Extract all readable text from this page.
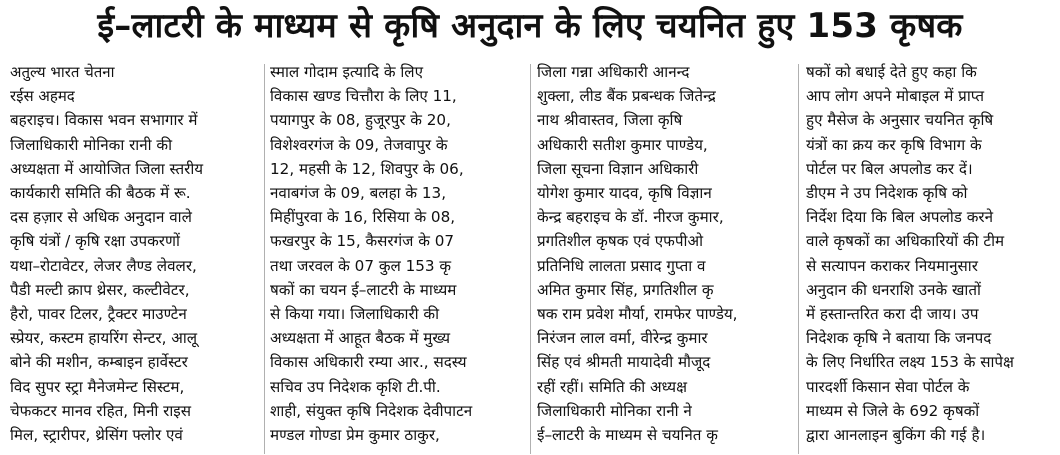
ई–लाटरी के माध्यम से कृषि अनुदान के लिए चयनित हुए 153 कृषक
अतुल्य भारत चेतना
रईस अहमद
बहराइच। विकास भवन सभागार में
जिलाधिकारी मोनिका रानी की
अध्यक्षता में आयोजित जिला स्तरीय
कार्यकारी समिति की बैठक में रू.
दस हज़ार से अधिक अनुदान वाले
कृषि यंत्रों / कृषि रक्षा उपकरणों
यथा–रोटावेटर, लेजर लैण्ड लेवलर,
पैडी मल्टी क्राप थ्रेसर, कल्टीवेटर,
हैरो, पावर टिलर, ट्रैक्टर माउण्टेन
स्प्रेयर, कस्टम हायरिंग सेन्टर, आलू
बोने की मशीन, कम्बाइन हार्वेस्टर
विद सुपर स्ट्रा मैनेजमेन्ट सिस्टम,
चेफकटर मानव रहित, मिनी राइस
मिल, स्ट्रारीपर, थ्रेसिंग फ्लोर एवं
स्माल गोदाम इत्यादि के लिए
विकास खण्ड चित्तौरा के लिए 11,
पयागपुर के 08, हुजूरपुर के 20,
विशेश्वरगंज के 09, तेजवापुर के
12, महसी के 12, शिवपुर के 06,
नवाबगंज के 09, बलहा के 13,
मिहींपुरवा के 16, रिसिया के 08,
फखरपुर के 15, कैसरगंज के 07
तथा जरवल के 07 कुल 153 कृ
षकों का चयन ई–लाटरी के माध्यम
से किया गया। जिलाधिकारी की
अध्यक्षता में आहूत बैठक में मुख्य
विकास अधिकारी रम्या आर., सदस्य
सचिव उप निदेशक कृशि टी.पी.
शाही, संयुक्त कृषि निदेशक देवीपाटन
मण्डल गोण्डा प्रेम कुमार ठाकुर,
जिला गन्ना अधिकारी आनन्द
शुक्ला, लीड बैंक प्रबन्धक जितेन्द्र
नाथ श्रीवास्तव, जिला कृषि
अधिकारी सतीश कुमार पाण्डेय,
जिला सूचना विज्ञान अधिकारी
योगेश कुमार यादव, कृषि विज्ञान
केन्द्र बहराइच के डॉ. नीरज कुमार,
प्रगतिशील कृषक एवं एफपीओ
प्रतिनिधि लालता प्रसाद गुप्ता व
अमित कुमार सिंह, प्रगतिशील कृ
षक राम प्रवेश मौर्या, रामफेर पाण्डेय,
निरंजन लाल वर्मा, वीरेन्द्र कुमार
सिंह एवं श्रीमती मायादेवी मौजूद
रहीं रहीं। समिति की अध्यक्ष
जिलाधिकारी मोनिका रानी ने
ई–लाटरी के माध्यम से चयनित कृ
षकों को बधाई देते हुए कहा कि
आप लोग अपने मोबाइल में प्राप्त
हुए मैसेज के अनुसार चयनित कृषि
यंत्रों का क्रय कर कृषि विभाग के
पोर्टल पर बिल अपलोड कर दें।
डीएम ने उप निदेशक कृषि को
निर्देश दिया कि बिल अपलोड करने
वाले कृषकों का अधिकारियों की टीम
से सत्यापन कराकर नियमानुसार
अनुदान की धनराशि उनके खातों
में हस्तान्तरित करा दी जाय। उप
निदेशक कृषि ने बताया कि जनपद
के लिए निर्धारित लक्ष्य 153 के सापेक्ष
पारदर्शी किसान सेवा पोर्टल के
माध्यम से जिले के 692 कृषकों
द्वारा आनलाइन बुकिंग की गई है।
